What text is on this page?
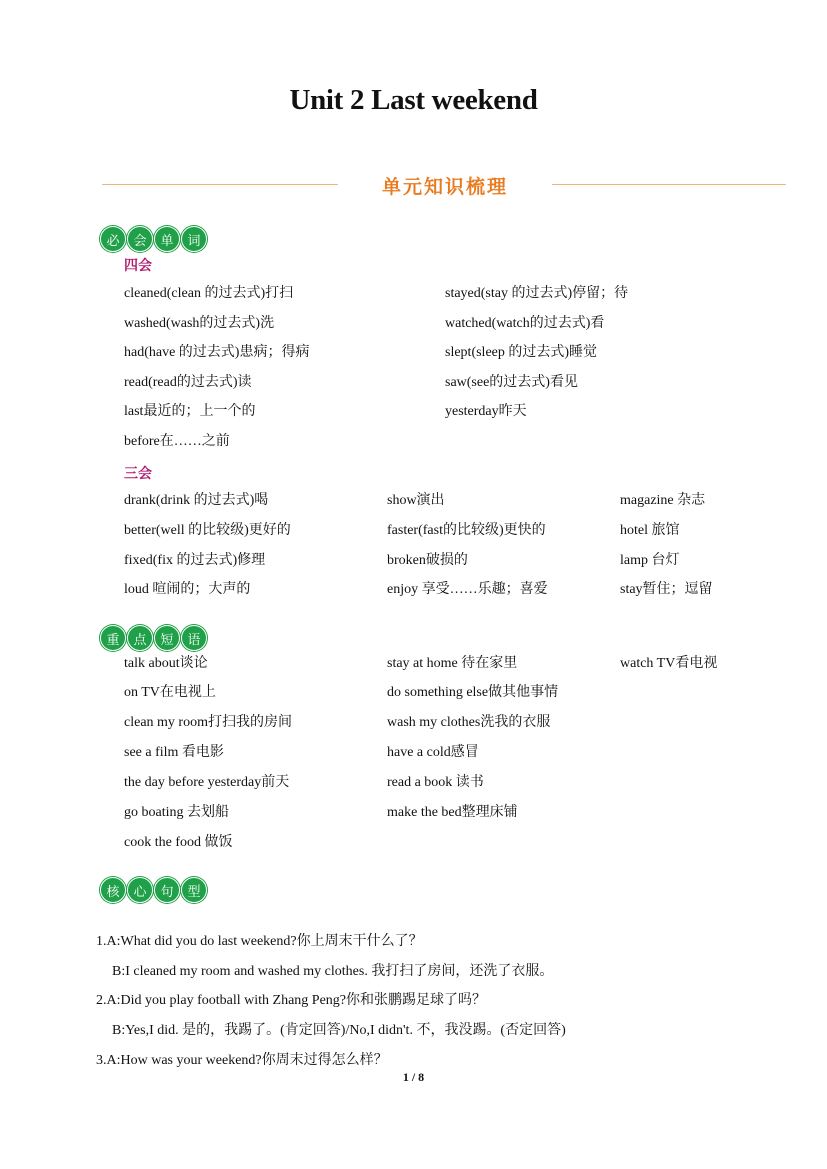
Unit 2 Last weekend
单元知识梳理
必	会	单	词
四会
cleaned(clean 的过去式)打扫	stayed(stay 的过去式)停留；待
washed(wash的过去式)洗	watched(watch的过去式)看
had(have 的过去式)患病；得病	slept(sleep 的过去式)睡觉
read(read的过去式)读	saw(see的过去式)看见
last最近的；上一个的	yesterday昨天
before在……之前
三会
drank(drink 的过去式)喝	show演出	magazine 杂志
better(well 的比较级)更好的	faster(fast的比较级)更快的	hotel 旅馆
fixed(fix 的过去式)修理	broken破损的	lamp 台灯
loud 喧闹的；大声的	enjoy 享受……乐趣；喜爱	stay暂住；逗留
重	点	短	语
talk about谈论	stay at home 待在家里	watch TV看电视
on TV在电视上	do something else做其他事情
clean my room打扫我的房间	wash my clothes洗我的衣服
see a film 看电影	have a cold感冒
the day before yesterday前天	read a book 读书
go boating 去划船	make the bed整理床铺
cook the food 做饭
核	心	句	型
1.A:What did you do last weekend?你上周末干什么了？
B:I cleaned my room and washed my clothes. 我打扫了房间，还洗了衣服。
2.A:Did you play football with Zhang Peng?你和张鹏踢足球了吗？
B:Yes,I did. 是的，我踢了。(肯定回答)/No,I didn't. 不，我没踢。(否定回答)
3.A:How was your weekend?你周末过得怎么样？
1 / 8
